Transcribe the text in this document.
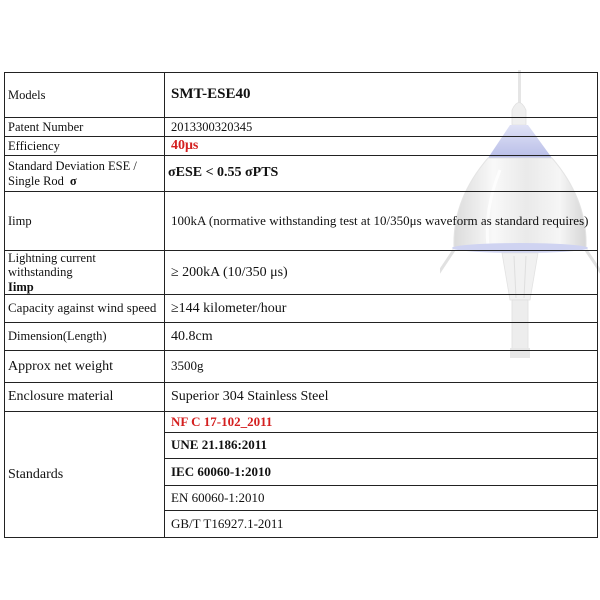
Models	SMT-ESE40
Patent Number	2013300320345
Efficiency	40μs
Standard Deviation ESE /
Single Rod σ	σESE < 0.55 σPTS
Iimp	100kA (normative withstanding test at 10/350μs waveform as standard requires)
Lightning current withstanding
Iimp	≥ 200kA (10/350 μs)
Capacity against wind speed	≥144 kilometer/hour
Dimension(Length)	40.8cm
Approx net weight	3500g
Enclosure material	Superior 304 Stainless Steel
Standards	NF C 17-102_2011
	UNE 21.186:2011
	IEC 60060-1:2010
	EN 60060-1:2010
	GB/T T16927.1-2011
